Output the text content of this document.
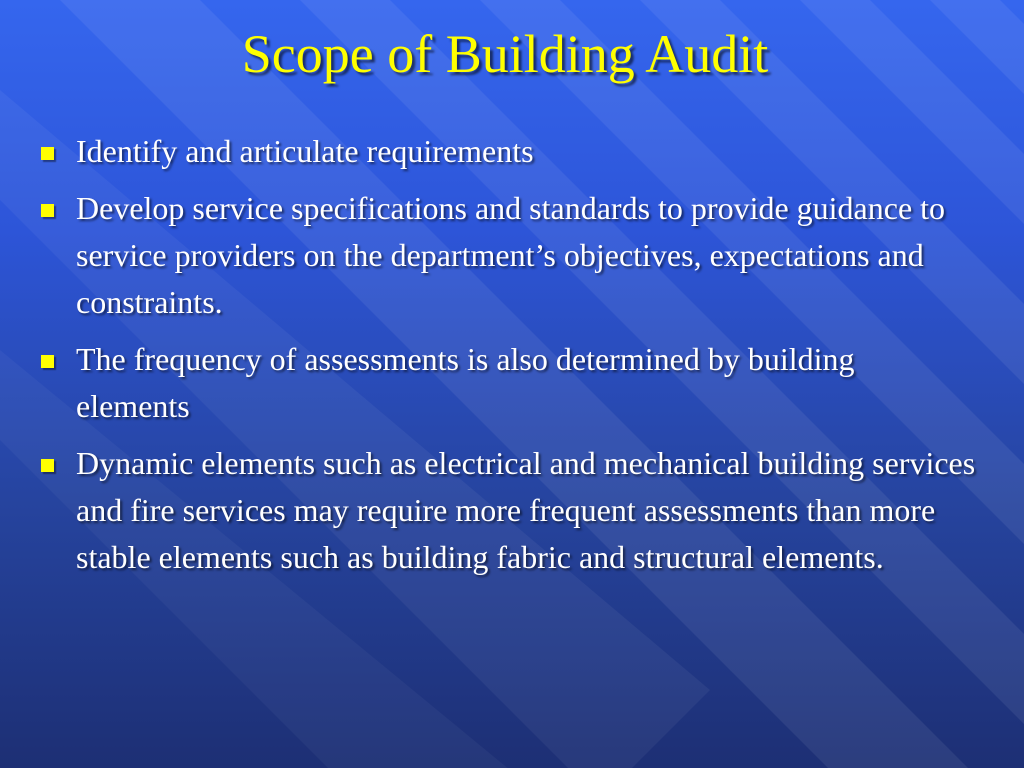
Scope of Building Audit
Identify and articulate requirements
Develop service specifications and standards to provide guidance to service providers on the department’s objectives, expectations and constraints.
The frequency of assessments is also determined by building elements
Dynamic elements such as electrical and mechanical building services and fire services may require more frequent assessments than more stable elements such as building fabric and structural elements.
